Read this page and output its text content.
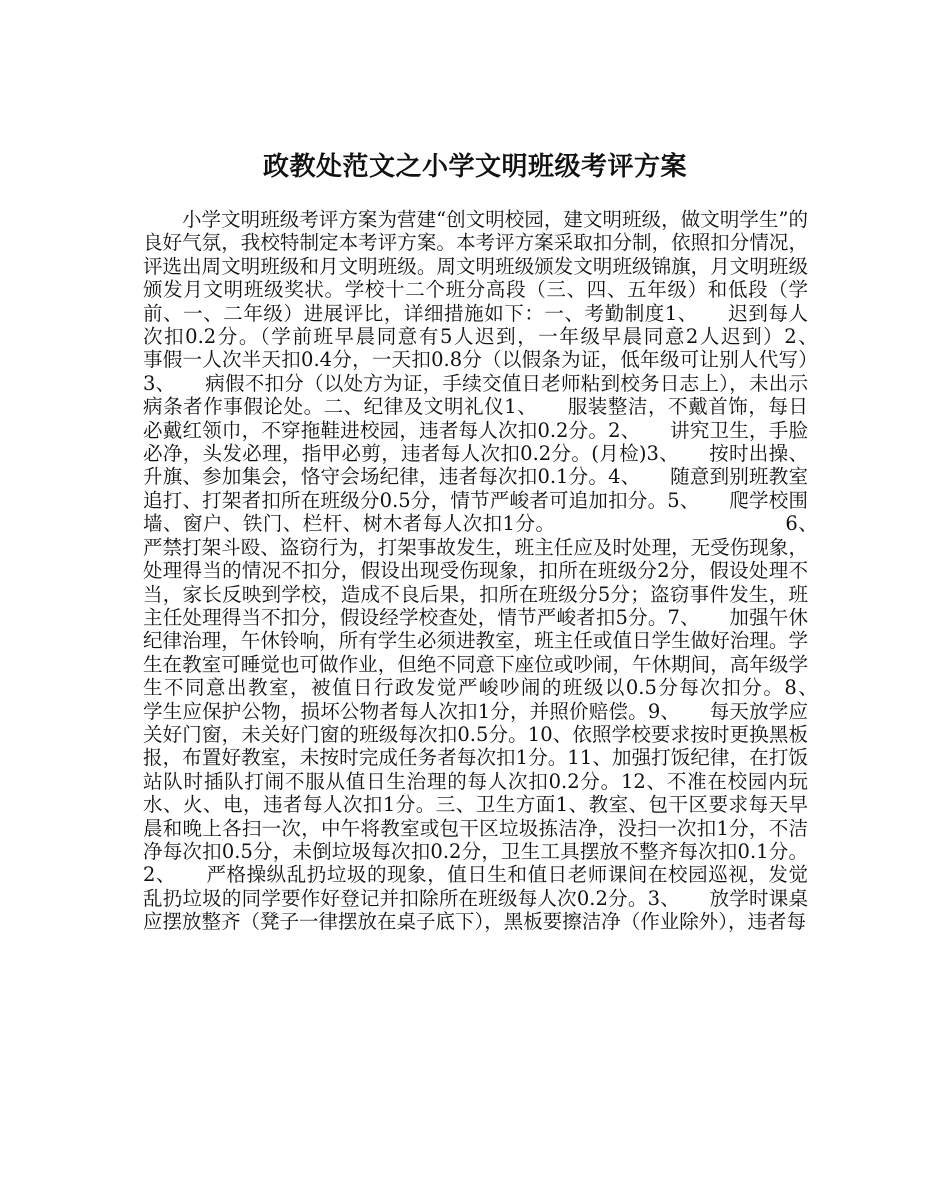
政教处范文之小学文明班级考评方案

小学文明班级考评方案为营建“创文明校园，建文明班级，做文明学生”的良好气氛，我校特制定本考评方案。本考评方案采取扣分制，依照扣分情况，评选出周文明班级和月文明班级。周文明班级颁发文明班级锦旗，月文明班级颁发月文明班级奖状。学校十二个班分高段（三、四、五年级）和低段（学前、一、二年级）进展评比，详细措施如下：一、考勤制度1、　　迟到每人次扣0.2分。（学前班早晨同意有5人迟到，一年级早晨同意2人迟到）2、　　事假一人次半天扣0.4分，一天扣0.8分（以假条为证，低年级可让别人代写）3、　　病假不扣分（以处方为证，手续交值日老师粘到校务日志上），未出示病条者作事假论处。二、纪律及文明礼仪1、　　服装整洁，不戴首饰，每日必戴红领巾，不穿拖鞋进校园，违者每人次扣0.2分。2、　　讲究卫生，手脸必净，头发必理，指甲必剪，违者每人次扣0.2分。(月检)3、　　按时出操、升旗、参加集会，恪守会场纪律，违者每次扣0.1分。4、　　随意到别班教室追打、打架者扣所在班级分0.5分，情节严峻者可追加扣分。5、　　爬学校围墙、窗户、铁门、栏杆、树木者每人次扣1分。　　　　　　　　　　　　6、　　严禁打架斗殴、盗窃行为，打架事故发生，班主任应及时处理，无受伤现象，处理得当的情况不扣分，假设出现受伤现象，扣所在班级分2分，假设处理不当，家长反映到学校，造成不良后果，扣所在班级分5分；盗窃事件发生，班主任处理得当不扣分，假设经学校查处，情节严峻者扣5分。7、　　加强午休纪律治理，午休铃响，所有学生必须进教室，班主任或值日学生做好治理。学生在教室可睡觉也可做作业，但绝不同意下座位或吵闹，午休期间，高年级学生不同意出教室，被值日行政发觉严峻吵闹的班级以0.5分每次扣分。8、　　学生应保护公物，损坏公物者每人次扣1分，并照价赔偿。9、　　每天放学应关好门窗，未关好门窗的班级每次扣0.5分。10、依照学校要求按时更换黑板报，布置好教室，未按时完成任务者每次扣1分。11、加强打饭纪律，在打饭站队时插队打闹不服从值日生治理的每人次扣0.2分。12、不准在校园内玩水、火、电，违者每人次扣1分。三、卫生方面1、教室、包干区要求每天早晨和晚上各扫一次，中午将教室或包干区垃圾拣洁净，没扫一次扣1分，不洁净每次扣0.5分，未倒垃圾每次扣0.2分，卫生工具摆放不整齐每次扣0.1分。2、　　严格操纵乱扔垃圾的现象，值日生和值日老师课间在校园巡视，发觉乱扔垃圾的同学要作好登记并扣除所在班级每人次0.2分。3、　　放学时课桌应摆放整齐（凳子一律摆放在桌子底下），黑板要擦洁净（作业除外），违者每
